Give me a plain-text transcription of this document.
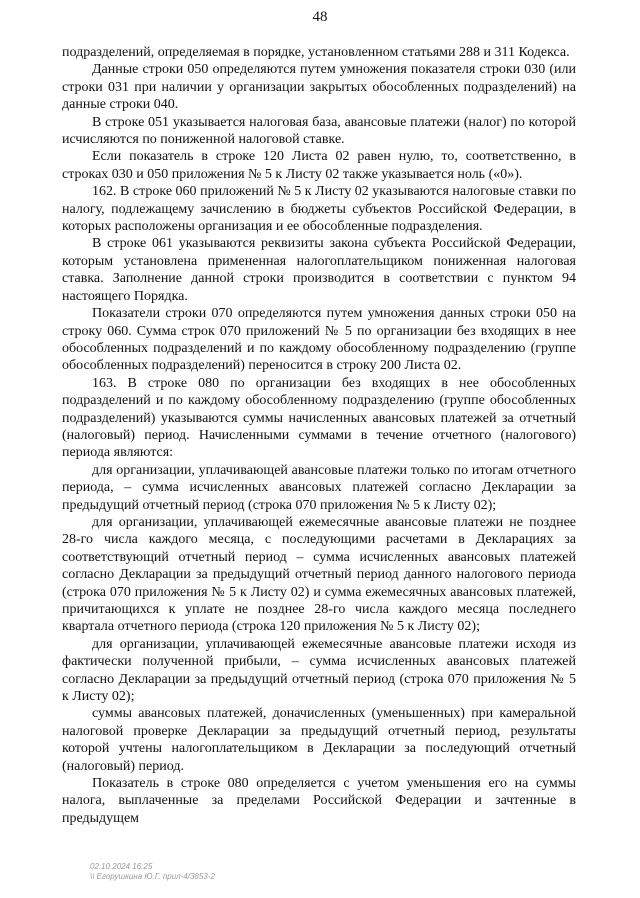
48

подразделений, определяемая в порядке, установленном статьями 288 и 311 Кодекса.

Данные строки 050 определяются путем умножения показателя строки 030 (или строки 031 при наличии у организации закрытых обособленных подразделений) на данные строки 040.

В строке 051 указывается налоговая база, авансовые платежи (налог) по которой исчисляются по пониженной налоговой ставке.

Если показатель в строке 120 Листа 02 равен нулю, то, соответственно, в строках 030 и 050 приложения № 5 к Листу 02 также указывается ноль («0»).

162. В строке 060 приложений № 5 к Листу 02 указываются налоговые ставки по налогу, подлежащему зачислению в бюджеты субъектов Российской Федерации, в которых расположены организация и ее обособленные подразделения.

В строке 061 указываются реквизиты закона субъекта Российской Федерации, которым установлена примененная налогоплательщиком пониженная налоговая ставка. Заполнение данной строки производится в соответствии с пунктом 94 настоящего Порядка.

Показатели строки 070 определяются путем умножения данных строки 050 на строку 060. Сумма строк 070 приложений № 5 по организации без входящих в нее обособленных подразделений и по каждому обособленному подразделению (группе обособленных подразделений) переносится в строку 200 Листа 02.

163. В строке 080 по организации без входящих в нее обособленных подразделений и по каждому обособленному подразделению (группе обособленных подразделений) указываются суммы начисленных авансовых платежей за отчетный (налоговый) период. Начисленными суммами в течение отчетного (налогового) периода являются:

для организации, уплачивающей авансовые платежи только по итогам отчетного периода, – сумма исчисленных авансовых платежей согласно Декларации за предыдущий отчетный период (строка 070 приложения № 5 к Листу 02);

для организации, уплачивающей ежемесячные авансовые платежи не позднее 28-го числа каждого месяца, с последующими расчетами в Декларациях за соответствующий отчетный период – сумма исчисленных авансовых платежей согласно Декларации за предыдущий отчетный период данного налогового периода (строка 070 приложения № 5 к Листу 02) и сумма ежемесячных авансовых платежей, причитающихся к уплате не позднее 28-го числа каждого месяца последнего квартала отчетного периода (строка 120 приложения № 5 к Листу 02);

для организации, уплачивающей ежемесячные авансовые платежи исходя из фактически полученной прибыли, – сумма исчисленных авансовых платежей согласно Декларации за предыдущий отчетный период (строка 070 приложения № 5 к Листу 02);

суммы авансовых платежей, доначисленных (уменьшенных) при камеральной налоговой проверке Декларации за предыдущий отчетный период, результаты которой учтены налогоплательщиком в Декларации за последующий отчетный (налоговый) период.

Показатель в строке 080 определяется с учетом уменьшения его на суммы налога, выплаченные за пределами Российской Федерации и зачтенные в предыдущем

02.10.2024 16:25
\\ Егорушкина Ю.Г. прил-4/3853-2
